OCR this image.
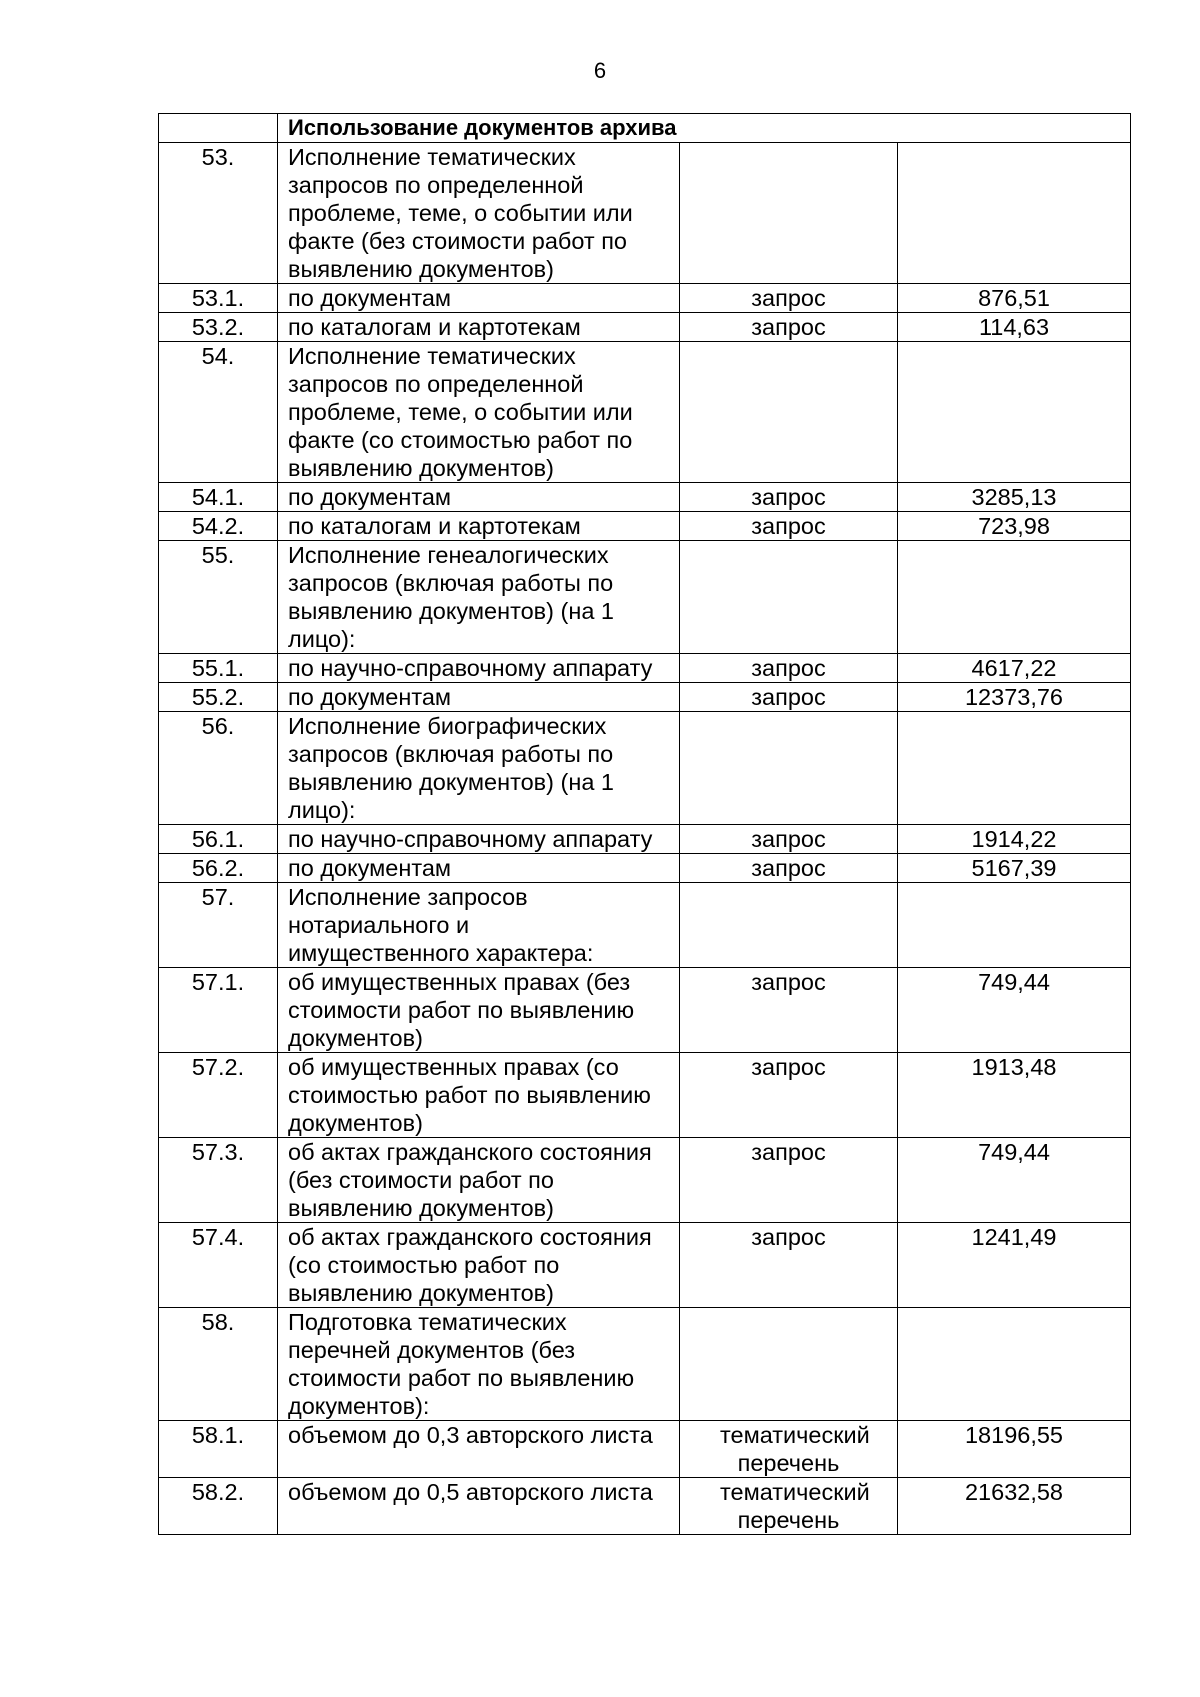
6
	Использование документов архива		
53.	Исполнение тематических запросов по определенной проблеме, теме, о событии или факте (без стоимости работ по выявлению документов)		
53.1.	по документам	запрос	876,51
53.2.	по каталогам и картотекам	запрос	114,63
54.	Исполнение тематических запросов по определенной проблеме, теме, о событии или факте (со стоимостью работ по выявлению документов)		
54.1.	по документам	запрос	3285,13
54.2.	по каталогам и картотекам	запрос	723,98
55.	Исполнение генеалогических запросов (включая работы по выявлению документов) (на 1 лицо):		
55.1.	по научно-справочному аппарату	запрос	4617,22
55.2.	по документам	запрос	12373,76
56.	Исполнение биографических запросов (включая работы по выявлению документов) (на 1 лицо):		
56.1.	по научно-справочному аппарату	запрос	1914,22
56.2.	по документам	запрос	5167,39
57.	Исполнение запросов нотариального и имущественного характера:		
57.1.	об имущественных правах (без стоимости работ по выявлению документов)	запрос	749,44
57.2.	об имущественных правах (со стоимостью работ по выявлению документов)	запрос	1913,48
57.3.	об актах гражданского состояния (без стоимости работ по выявлению документов)	запрос	749,44
57.4.	об актах гражданского состояния (со стоимостью работ по выявлению документов)	запрос	1241,49
58.	Подготовка тематических перечней документов (без стоимости работ по выявлению документов):		
58.1.	объемом до 0,3 авторского листа	тематический перечень	18196,55
58.2.	объемом до 0,5 авторского листа	тематический перечень	21632,58
